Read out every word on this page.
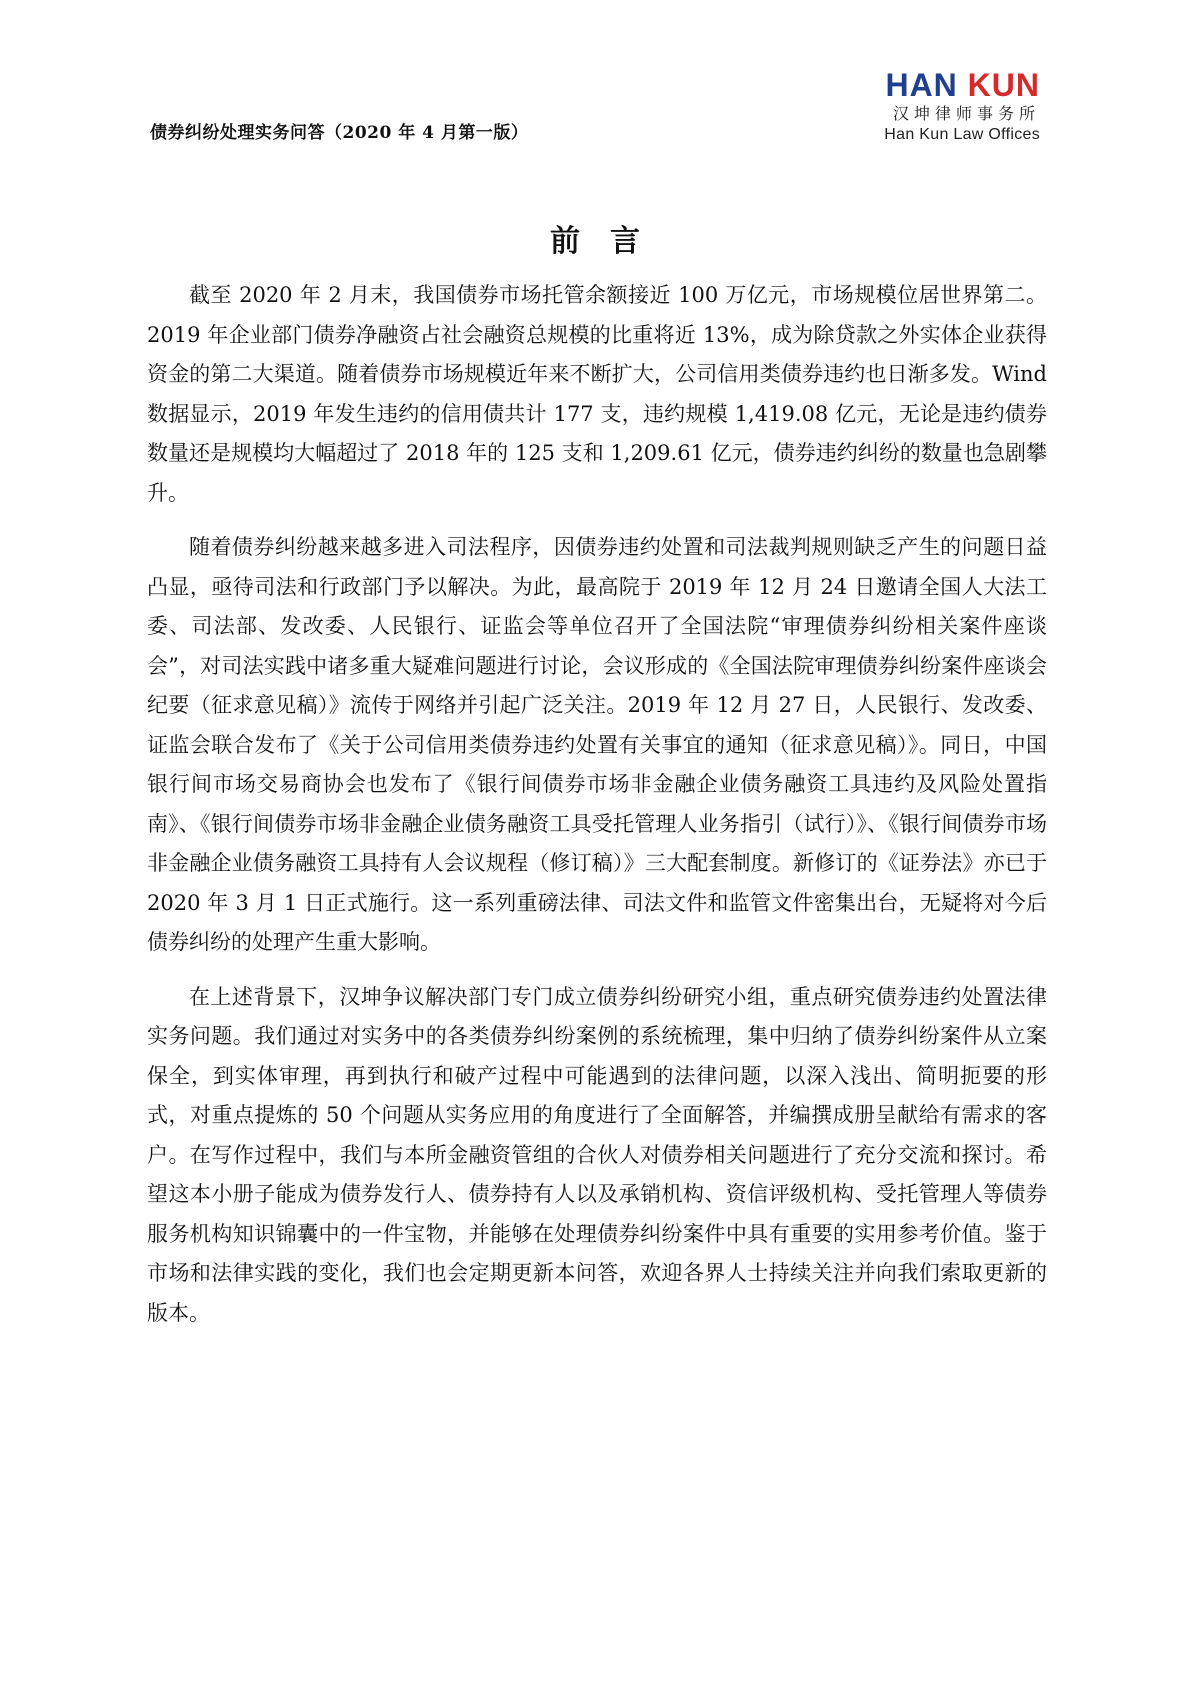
债券纠纷处理实务问答（2020 年 4 月第一版）
HAN KUN
汉坤律师事务所
Han Kun Law Offices
前言

截至 2020 年 2 月末，我国债券市场托管余额接近 100 万亿元，市场规模位居世界第二。2019 年企业部门债券净融资占社会融资总规模的比重将近 13%，成为除贷款之外实体企业获得资金的第二大渠道。随着债券市场规模近年来不断扩大，公司信用类债券违约也日渐多发。Wind 数据显示，2019 年发生违约的信用债共计 177 支，违约规模 1,419.08 亿元，无论是违约债券数量还是规模均大幅超过了 2018 年的 125 支和 1,209.61 亿元，债券违约纠纷的数量也急剧攀升。

随着债券纠纷越来越多进入司法程序，因债券违约处置和司法裁判规则缺乏产生的问题日益凸显，亟待司法和行政部门予以解决。为此，最高院于 2019 年 12 月 24 日邀请全国人大法工委、司法部、发改委、人民银行、证监会等单位召开了全国法院“审理债券纠纷相关案件座谈会”，对司法实践中诸多重大疑难问题进行讨论，会议形成的《全国法院审理债券纠纷案件座谈会纪要（征求意见稿）》流传于网络并引起广泛关注。2019 年 12 月 27 日，人民银行、发改委、证监会联合发布了《关于公司信用类债券违约处置有关事宜的通知（征求意见稿）》。同日，中国银行间市场交易商协会也发布了《银行间债券市场非金融企业债务融资工具违约及风险处置指南》、《银行间债券市场非金融企业债务融资工具受托管理人业务指引（试行）》、《银行间债券市场非金融企业债务融资工具持有人会议规程（修订稿）》三大配套制度。新修订的《证券法》亦已于 2020 年 3 月 1 日正式施行。这一系列重磅法律、司法文件和监管文件密集出台，无疑将对今后债券纠纷的处理产生重大影响。

在上述背景下，汉坤争议解决部门专门成立债券纠纷研究小组，重点研究债券违约处置法律实务问题。我们通过对实务中的各类债券纠纷案例的系统梳理，集中归纳了债券纠纷案件从立案保全，到实体审理，再到执行和破产过程中可能遇到的法律问题，以深入浅出、简明扼要的形式，对重点提炼的 50 个问题从实务应用的角度进行了全面解答，并编撰成册呈献给有需求的客户。在写作过程中，我们与本所金融资管组的合伙人对债券相关问题进行了充分交流和探讨。希望这本小册子能成为债券发行人、债券持有人以及承销机构、资信评级机构、受托管理人等债券服务机构知识锦囊中的一件宝物，并能够在处理债券纠纷案件中具有重要的实用参考价值。鉴于市场和法律实践的变化，我们也会定期更新本问答，欢迎各界人士持续关注并向我们索取更新的版本。
